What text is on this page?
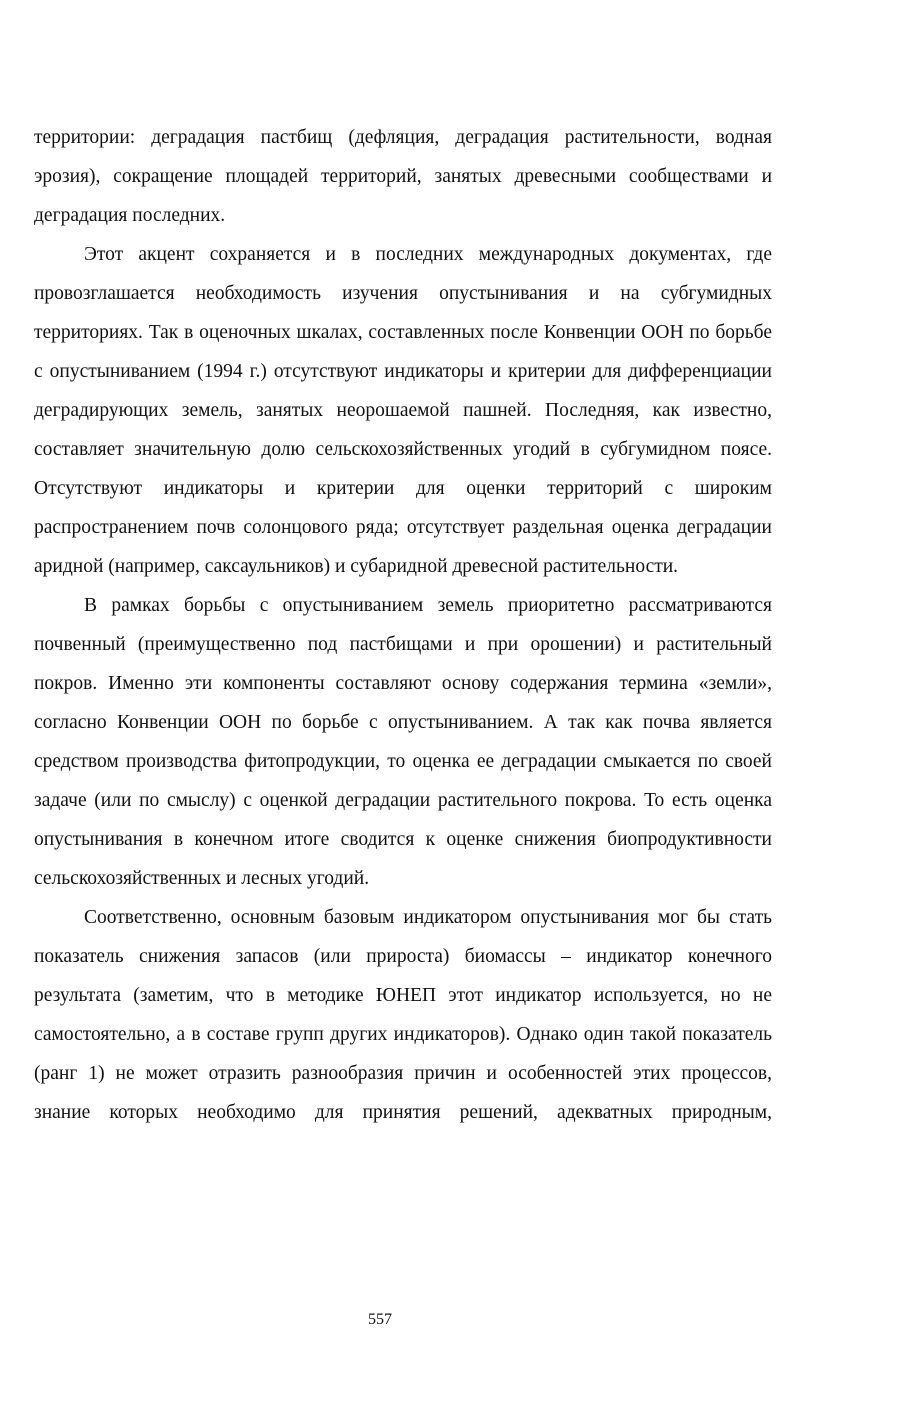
территории: деградация пастбищ (дефляция, деградация растительности, водная эрозия), сокращение площадей территорий, занятых древесными сообществами и деградация последних.

Этот акцент сохраняется и в последних международных документах, где провозглашается необходимость изучения опустынивания и на субгумидных территориях. Так в оценочных шкалах, составленных после Конвенции ООН по борьбе с опустыниванием (1994 г.) отсутствуют индикаторы и критерии для дифференциации деградирующих земель, занятых неорошаемой пашней. Последняя, как известно, составляет значительную долю сельскохозяйственных угодий в субгумидном поясе. Отсутствуют индикаторы и критерии для оценки территорий с широким распространением почв солонцового ряда; отсутствует раздельная оценка деградации аридной (например, саксаульников) и субаридной древесной растительности.

В рамках борьбы с опустыниванием земель приоритетно рассматриваются почвенный (преимущественно под пастбищами и при орошении) и растительный покров. Именно эти компоненты составляют основу содержания термина «земли», согласно Конвенции ООН по борьбе с опустыниванием. А так как почва является средством производства фитопродукции, то оценка ее деградации смыкается по своей задаче (или по смыслу) с оценкой деградации растительного покрова. То есть оценка опустынивания в конечном итоге сводится к оценке снижения биопродуктивности сельскохозяйственных и лесных угодий.

Соответственно, основным базовым индикатором опустынивания мог бы стать показатель снижения запасов (или прироста) биомассы – индикатор конечного результата (заметим, что в методике ЮНЕП этот индикатор используется, но не самостоятельно, а в составе групп других индикаторов). Однако один такой показатель (ранг 1) не может отразить разнообразия причин и особенностей этих процессов, знание которых необходимо для принятия решений, адекватных природным,

557
